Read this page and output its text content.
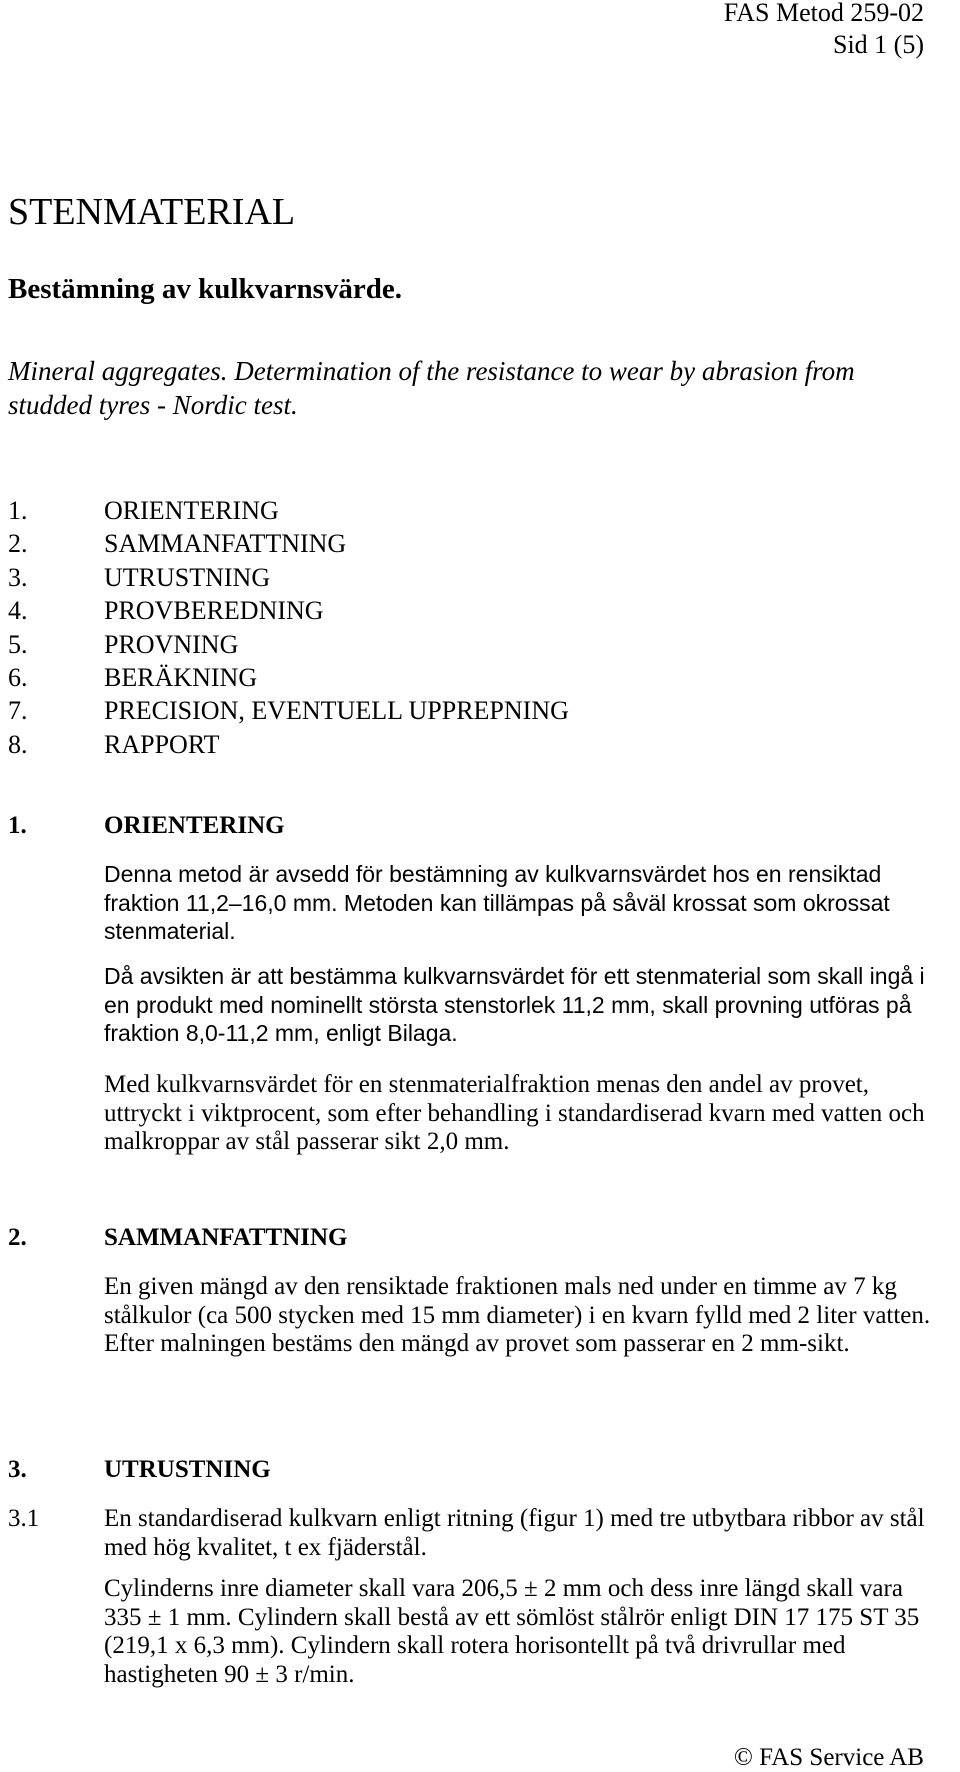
FAS Metod 259-02
Sid 1 (5)
STENMATERIAL
Bestämning av kulkvarnsvärde.
Mineral aggregates. Determination of the resistance to wear by abrasion from studded tyres - Nordic test.
1.	ORIENTERING
2.	SAMMANFATTNING
3.	UTRUSTNING
4.	PROVBEREDNING
5.	PROVNING
6.	BERÄKNING
7.	PRECISION, EVENTUELL UPPREPNING
8.	RAPPORT
1.	ORIENTERING
Denna metod är avsedd för bestämning av kulkvarnsvärdet hos en rensiktad fraktion 11,2–16,0 mm. Metoden kan tillämpas på såväl krossat som okrossat stenmaterial.
Då avsikten är att bestämma kulkvarnsvärdet för ett stenmaterial som skall ingå i en produkt med nominellt största stenstorlek 11,2 mm, skall provning utföras på fraktion 8,0-11,2 mm, enligt Bilaga.
Med kulkvarnsvärdet för en stenmaterialfraktion menas den andel av provet, uttryckt i viktprocent, som efter behandling i standardiserad kvarn med vatten och malkroppar av stål passerar sikt 2,0 mm.
2.	SAMMANFATTNING
En given mängd av den rensiktade fraktionen mals ned under en timme av 7 kg stålkulor (ca 500 stycken med 15 mm diameter) i en kvarn fylld med 2 liter vatten. Efter malningen bestäms den mängd av provet som passerar en 2 mm-sikt.
3.	UTRUSTNING
3.1	En standardiserad kulkvarn enligt ritning (figur 1) med tre utbytbara ribbor av stål med hög kvalitet, t ex fjäderstål.
Cylinderns inre diameter skall vara 206,5 ± 2 mm och dess inre längd skall vara 335 ± 1 mm. Cylindern skall bestå av ett sömlöst stålrör enligt DIN 17 175 ST 35 (219,1 x 6,3 mm). Cylindern skall rotera horisontellt på två drivrullar med hastigheten 90 ± 3 r/min.
© FAS Service AB
